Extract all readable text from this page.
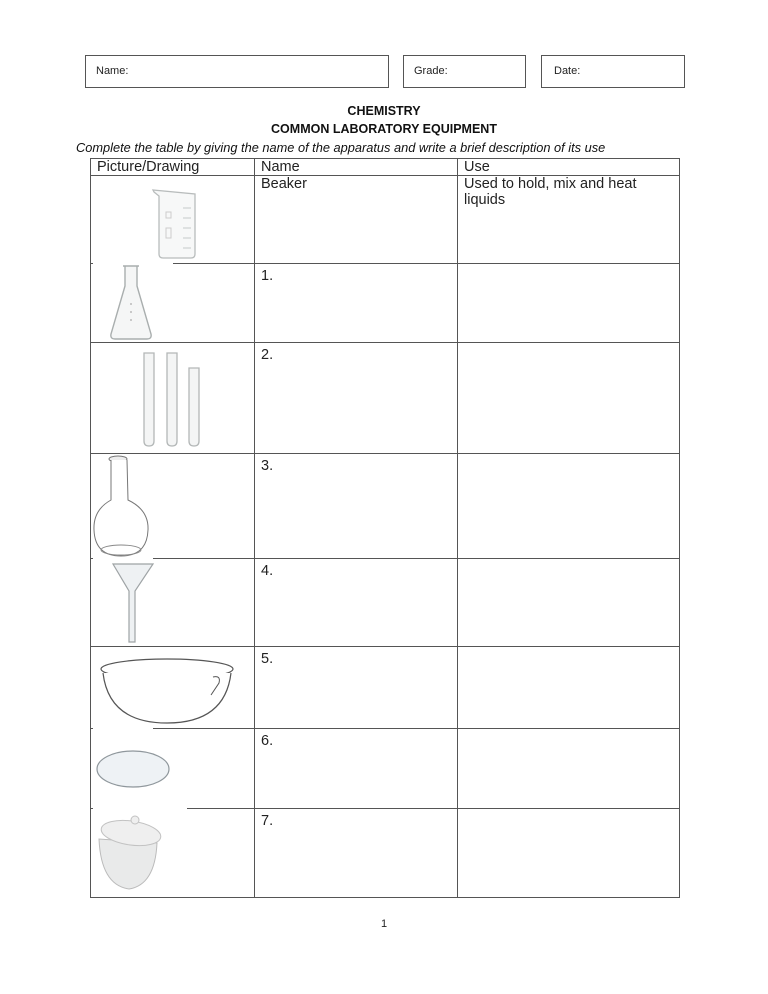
Name:	Grade:	Date:
CHEMISTRY
COMMON LABORATORY EQUIPMENT
Complete the table by giving the name of the apparatus and write a brief description of its use
Picture/Drawing	Name	Use

	Beaker	Used to hold, mix and heat liquids

	1.	

	2.	

	3.	

	4.	

	5.	

	6.	

	7.	
1
